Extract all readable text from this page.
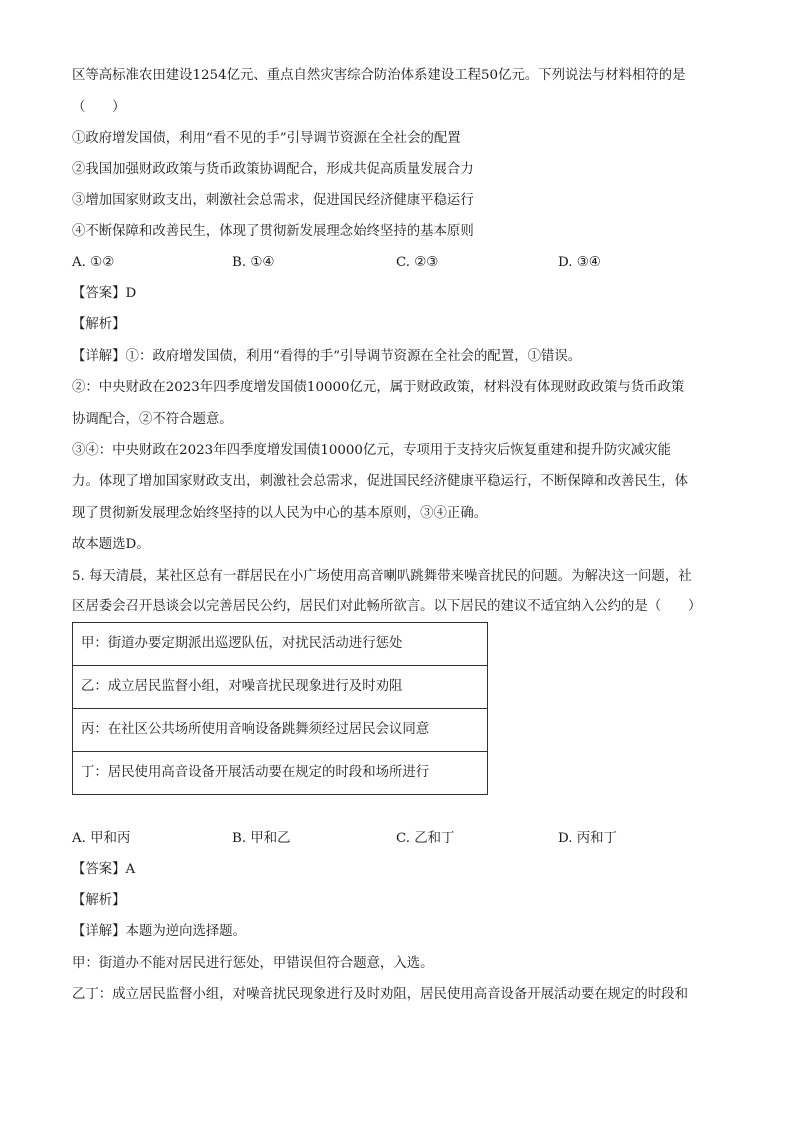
区等高标准农田建设1254亿元、重点自然灾害综合防治体系建设工程50亿元。下列说法与材料相符的是
（　　）
①政府增发国债，利用“看不见的手”引导调节资源在全社会的配置
②我国加强财政政策与货币政策协调配合，形成共促高质量发展合力
③增加国家财政支出，刺激社会总需求，促进国民经济健康平稳运行
④不断保障和改善民生，体现了贯彻新发展理念始终坚持的基本原则
A. ①②	B. ①④	C. ②③	D. ③④
【答案】D
【解析】
【详解】①：政府增发国债，利用“看得的手”引导调节资源在全社会的配置，①错误。
②：中央财政在2023年四季度增发国债10000亿元，属于财政政策，材料没有体现财政政策与货币政策
协调配合，②不符合题意。
③④：中央财政在2023年四季度增发国债10000亿元，专项用于支持灾后恢复重建和提升防灾减灾能
力。体现了增加国家财政支出，刺激社会总需求，促进国民经济健康平稳运行，不断保障和改善民生，体
现了贯彻新发展理念始终坚持的以人民为中心的基本原则，③④正确。
故本题选D。
5. 每天清晨，某社区总有一群居民在小广场使用高音喇叭跳舞带来噪音扰民的问题。为解决这一问题，社
区居委会召开恳谈会以完善居民公约，居民们对此畅所欲言。以下居民的建议不适宜纳入公约的是（　　）
甲：街道办要定期派出巡逻队伍，对扰民活动进行惩处
乙：成立居民监督小组，对噪音扰民现象进行及时劝阻
丙：在社区公共场所使用音响设备跳舞须经过居民会议同意
丁：居民使用高音设备开展活动要在规定的时段和场所进行
A. 甲和丙	B. 甲和乙	C. 乙和丁	D. 丙和丁
【答案】A
【解析】
【详解】本题为逆向选择题。
甲：街道办不能对居民进行惩处，甲错误但符合题意，入选。
乙丁：成立居民监督小组，对噪音扰民现象进行及时劝阻，居民使用高音设备开展活动要在规定的时段和
